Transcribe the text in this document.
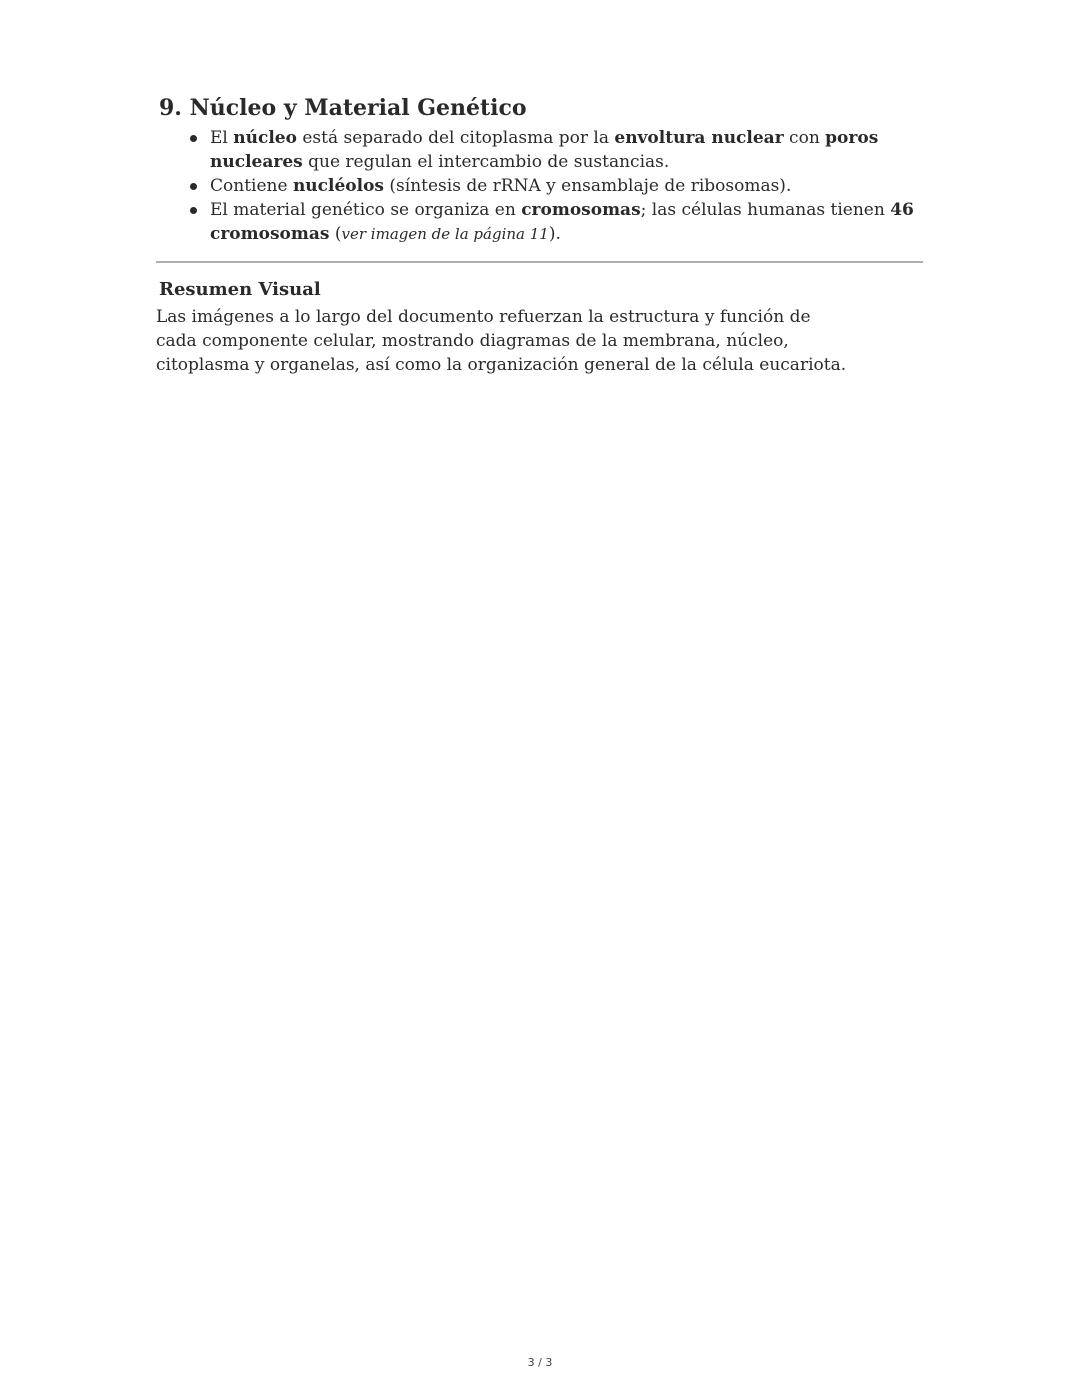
9. Núcleo y Material Genético
El núcleo está separado del citoplasma por la envoltura nuclear con poros nucleares que regulan el intercambio de sustancias.
Contiene nucléolos (síntesis de rRNA y ensamblaje de ribosomas).
El material genético se organiza en cromosomas; las células humanas tienen 46 cromosomas (ver imagen de la página 11).
Resumen Visual

Las imágenes a lo largo del documento refuerzan la estructura y función de cada componente celular, mostrando diagramas de la membrana, núcleo, citoplasma y organelas, así como la organización general de la célula eucariota.

3 / 3
